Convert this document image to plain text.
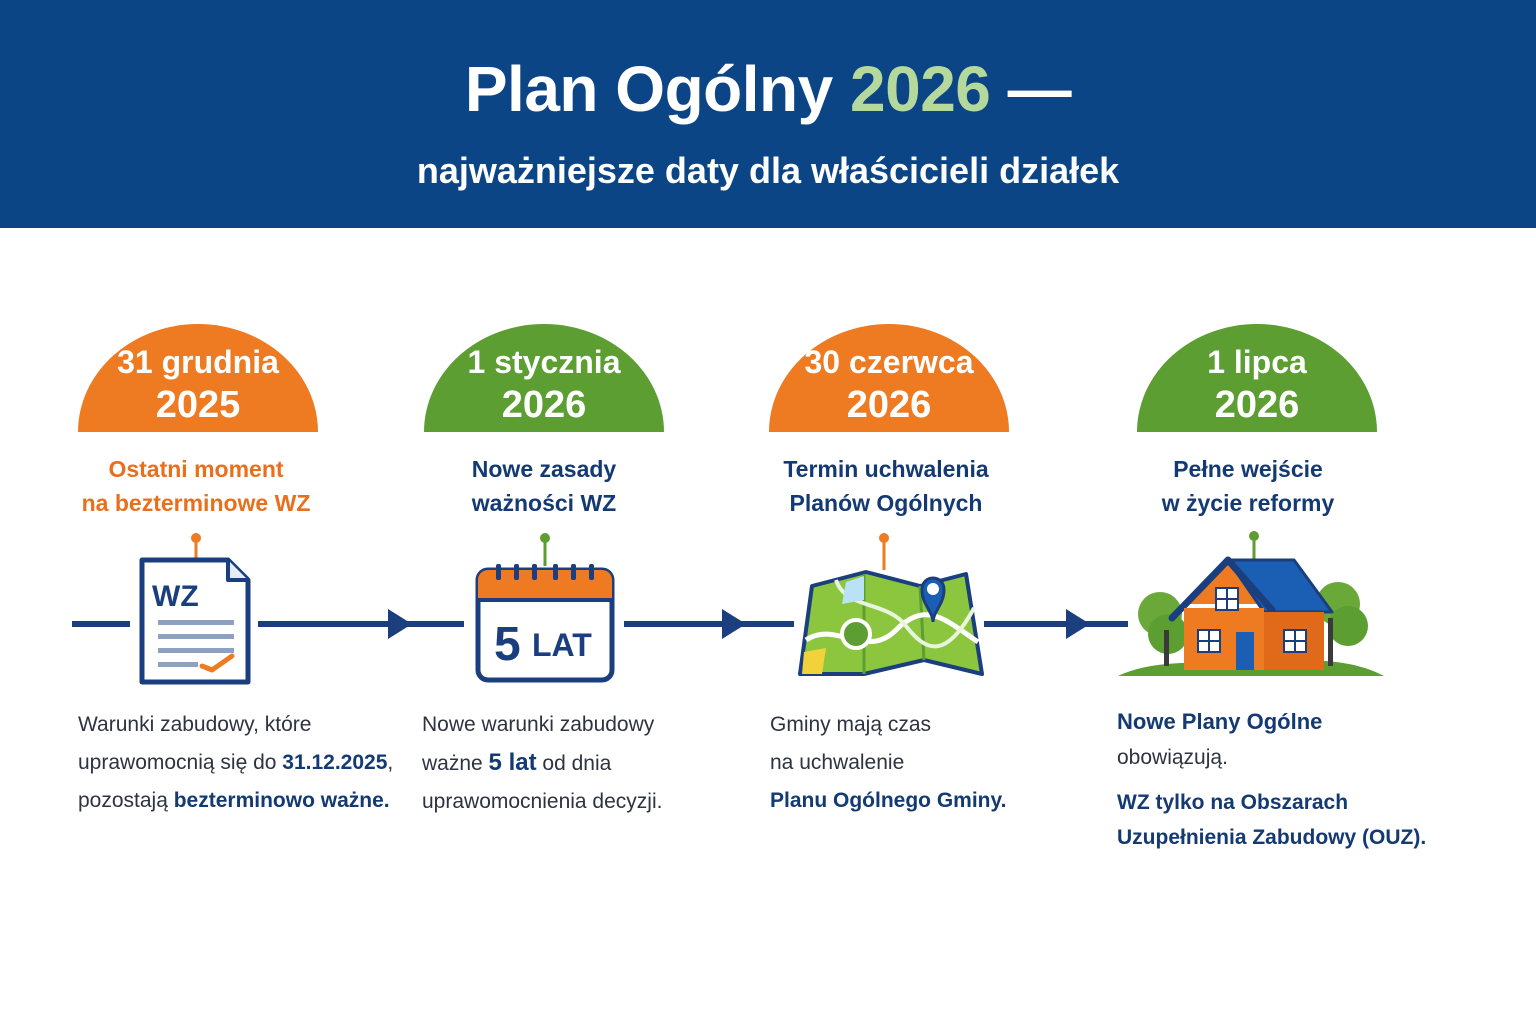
Plan Ogólny 2026 —
najważniejsze daty dla właścicieli działek
31 grudnia
2025
Ostatni moment
na bezterminowe WZ
WZ
Warunki zabudowy, które
uprawomocnią się do 31.12.2025,
pozostają bezterminowo ważne.
1 stycznia
2026
Nowe zasady
ważności WZ
5 LAT
Nowe warunki zabudowy
ważne 5 lat od dnia
uprawomocnienia decyzji.
30 czerwca
2026
Termin uchwalenia
Planów Ogólnych
Gminy mają czas
na uchwalenie
Planu Ogólnego Gminy.
1 lipca
2026
Pełne wejście
w życie reformy
Nowe Plany Ogólne
obowiązują.
WZ tylko na Obszarach
Uzupełnienia Zabudowy (OUZ).
